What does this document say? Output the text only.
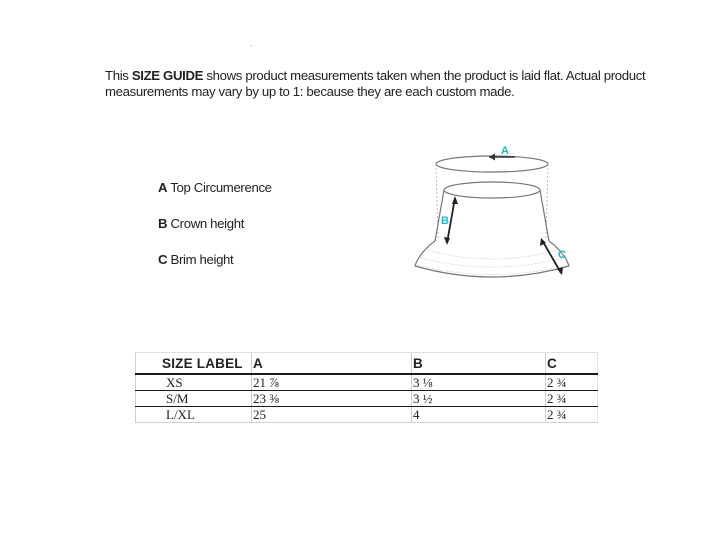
.
This SIZE GUIDE shows product measurements taken when the product is laid flat. Actual product
measurements may vary by up to 1: because they are each custom made.
A Top Circumerence
B Crown height
C Brim height
A
B
C
SIZE LABEL	A	B	C
XS	21 ⅞	3 ⅛	2 ¾
S/M	23 ⅜	3 ½	2 ¾
L/XL	25	4	2 ¾
